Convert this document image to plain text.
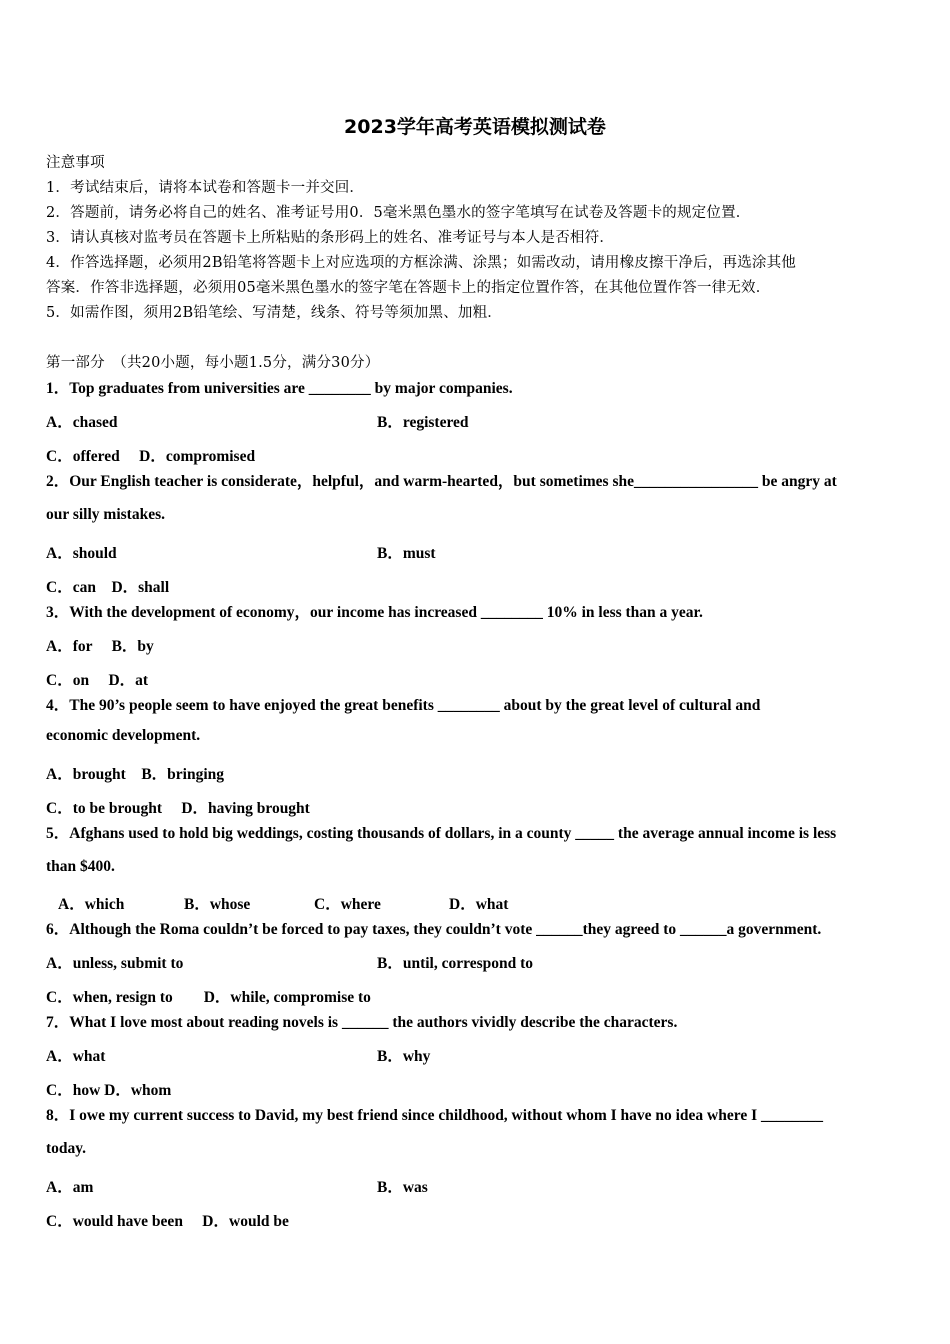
2023学年高考英语模拟测试卷
注意事项
1．考试结束后，请将本试卷和答题卡一并交回．
2．答题前，请务必将自己的姓名、准考证号用0．5毫米黑色墨水的签字笔填写在试卷及答题卡的规定位置．
3．请认真核对监考员在答题卡上所粘贴的条形码上的姓名、准考证号与本人是否相符．
4．作答选择题，必须用2B铅笔将答题卡上对应选项的方框涂满、涂黑；如需改动，请用橡皮擦干净后，再选涂其他
答案．作答非选择题，必须用05毫米黑色墨水的签字笔在答题卡上的指定位置作答，在其他位置作答一律无效．
5．如需作图，须用2B铅笔绘、写清楚，线条、符号等须加黑、加粗．
第一部分　（共20小题，每小题1.5分，满分30分）
1．Top graduates from universities are ________ by major companies.
A．chased	B．registered
C．offered　 D．compromised
2．Our English teacher is considerate，helpful，and warm-hearted，but sometimes she________________ be angry at
our silly mistakes.
A．should	B．must
C．can　D．shall
3．With the development of economy，our income has increased ________ 10% in less than a year.
A．for　 B．by
C．on　 D．at
4．The 90’s people seem to have enjoyed the great benefits ________ about by the great level of cultural and
economic development.
A．brought　B．bringing
C．to be brought　 D．having brought
5．Afghans used to hold big weddings, costing thousands of dollars, in a county _____ the average annual income is less
than $400.
A．which	B．whose	C．where	D．what
6．Although the Roma couldn’t be forced to pay taxes, they couldn’t vote ______they agreed to ______a government.
A．unless, submit to	B．until, correspond to
C．when, resign to　　D．while, compromise to
7．What I love most about reading novels is ______ the authors vividly describe the characters.
A．what	B．why
C．how D．whom
8．I owe my current success to David, my best friend since childhood, without whom I have no idea where I ________
today.
A．am	B．was
C．would have been　 D．would be
